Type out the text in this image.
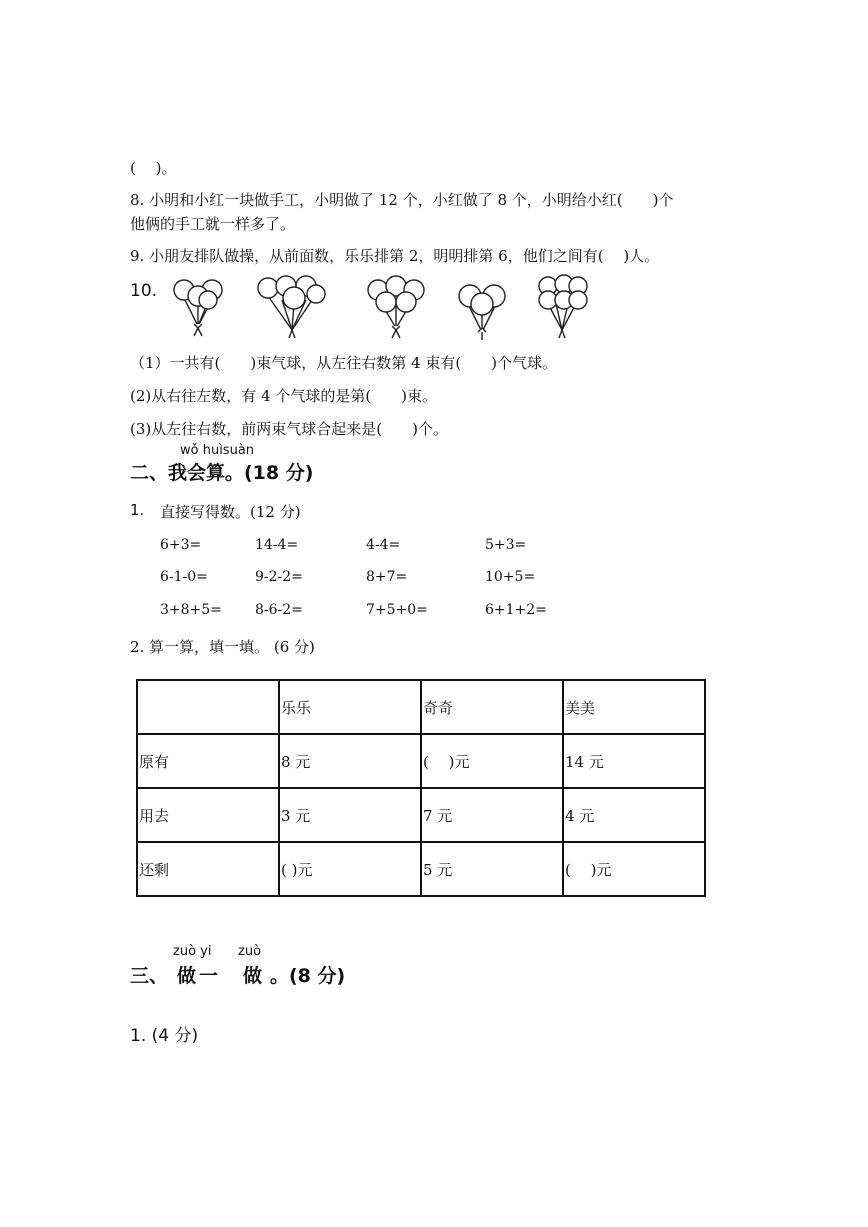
(　 )。
8. 小明和小红一块做手工，小明做了 12 个，小红做了 8 个，小明给小红(　　)个
他俩的手工就一样多了。
9. 小朋友排队做操，从前面数，乐乐排第 2，明明排第 6，他们之间有(　 )人。
10.
（1）一共有(　　)束气球，从左往右数第 4 束有(　　)个气球。
(2)从右往左数，有 4 个气球的是第(　　)束。
(3)从左往右数，前两束气球合起来是(　　)个。
wǒ huìsuàn
二、我会算。(18 分)
1. 直接写得数。(12 分)
6+3=	14-4=	4-4=	5+3=
6-1-0=	9-2-2=	8+7=	10+5=
3+8+5= 8-6-2=	7+5+0=	6+1+2=
2. 算一算，填一填。 (6 分)
	乐乐	奇奇	美美
原有	8 元	(　 )元	14 元
用去	3 元	7 元	4 元
还剩	( )元	5 元	(　 )元
zuò yi zuò
三、 做一 做 。(8 分)
1. (4 分)
